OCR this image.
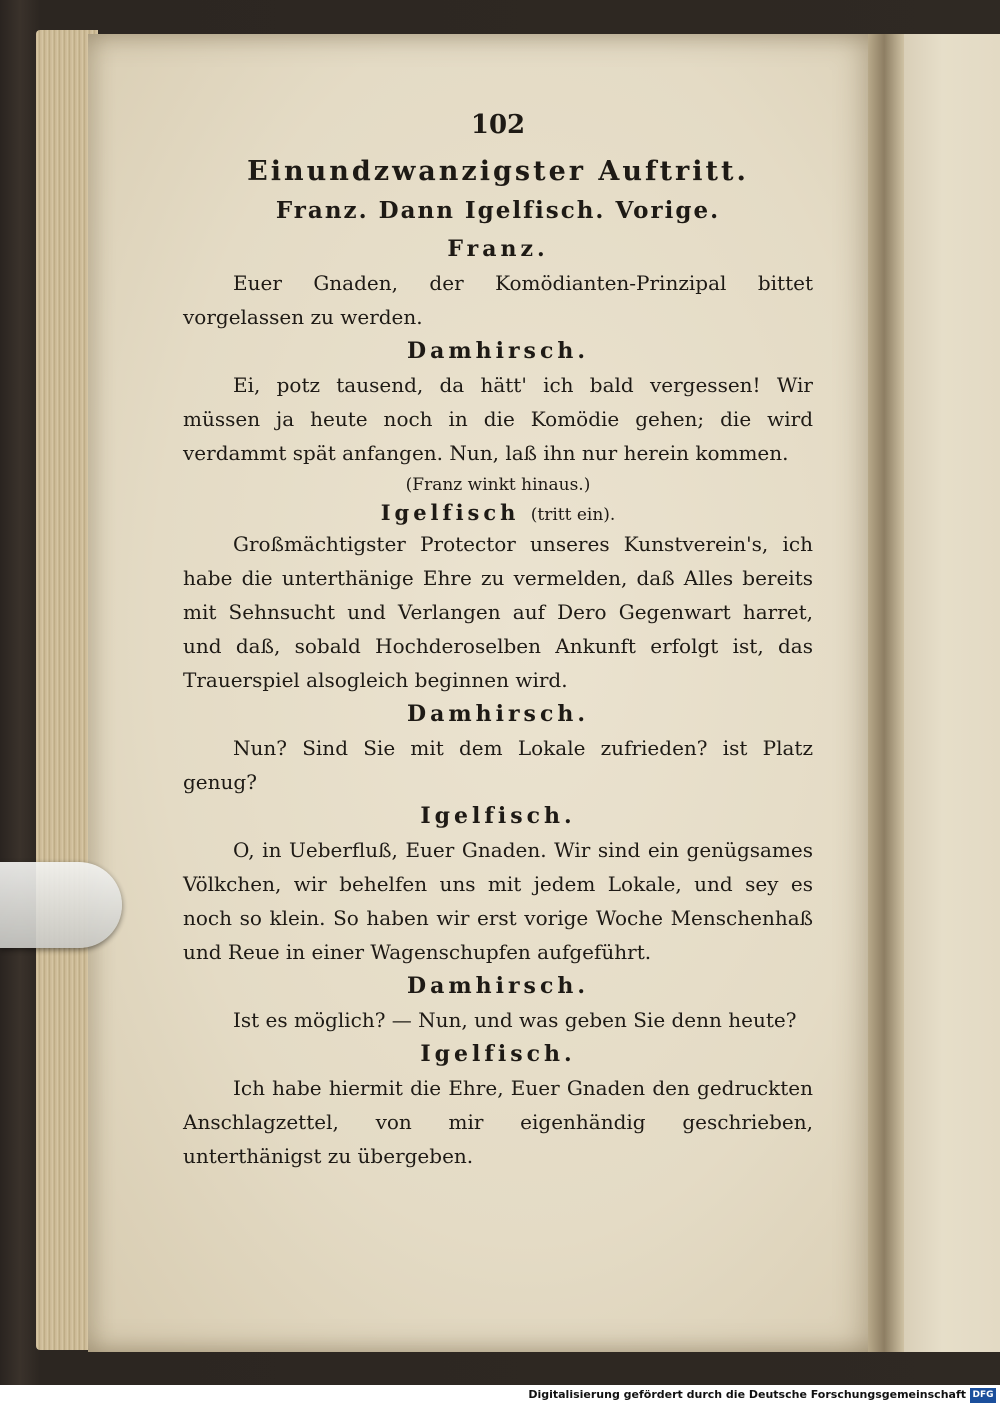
102
Einundzwanzigster Auftritt.
Franz. Dann Igelfisch. Vorige.
Franz.

Euer Gnaden, der Komödianten-Prinzipal bittet vorgelassen zu werden.

Damhirsch.

Ei, potz tausend, da hätt' ich bald vergessen! Wir müssen ja heute noch in die Komödie gehen; die wird verdammt spät anfangen. Nun, laß ihn nur herein kommen.

(Franz winkt hinaus.)

Igelfisch (tritt ein).

Großmächtigster Protector unseres Kunstverein's, ich habe die unterthänige Ehre zu vermelden, daß Alles bereits mit Sehnsucht und Verlangen auf Dero Gegenwart harret, und daß, sobald Hochderoselben Ankunft erfolgt ist, das Trauerspiel alsogleich beginnen wird.

Damhirsch.

Nun? Sind Sie mit dem Lokale zufrieden? ist Platz genug?

Igelfisch.

O, in Ueberfluß, Euer Gnaden. Wir sind ein genügsames Völkchen, wir behelfen uns mit jedem Lokale, und sey es noch so klein. So haben wir erst vorige Woche Menschenhaß und Reue in einer Wagenschupfen aufgeführt.

Damhirsch.

Ist es möglich? — Nun, und was geben Sie denn heute?

Igelfisch.

Ich habe hiermit die Ehre, Euer Gnaden den gedruckten Anschlagzettel, von mir eigenhändig geschrieben, unterthänigst zu übergeben.

Digitalisierung gefördert durch die Deutsche Forschungsgemeinschaft DFG
